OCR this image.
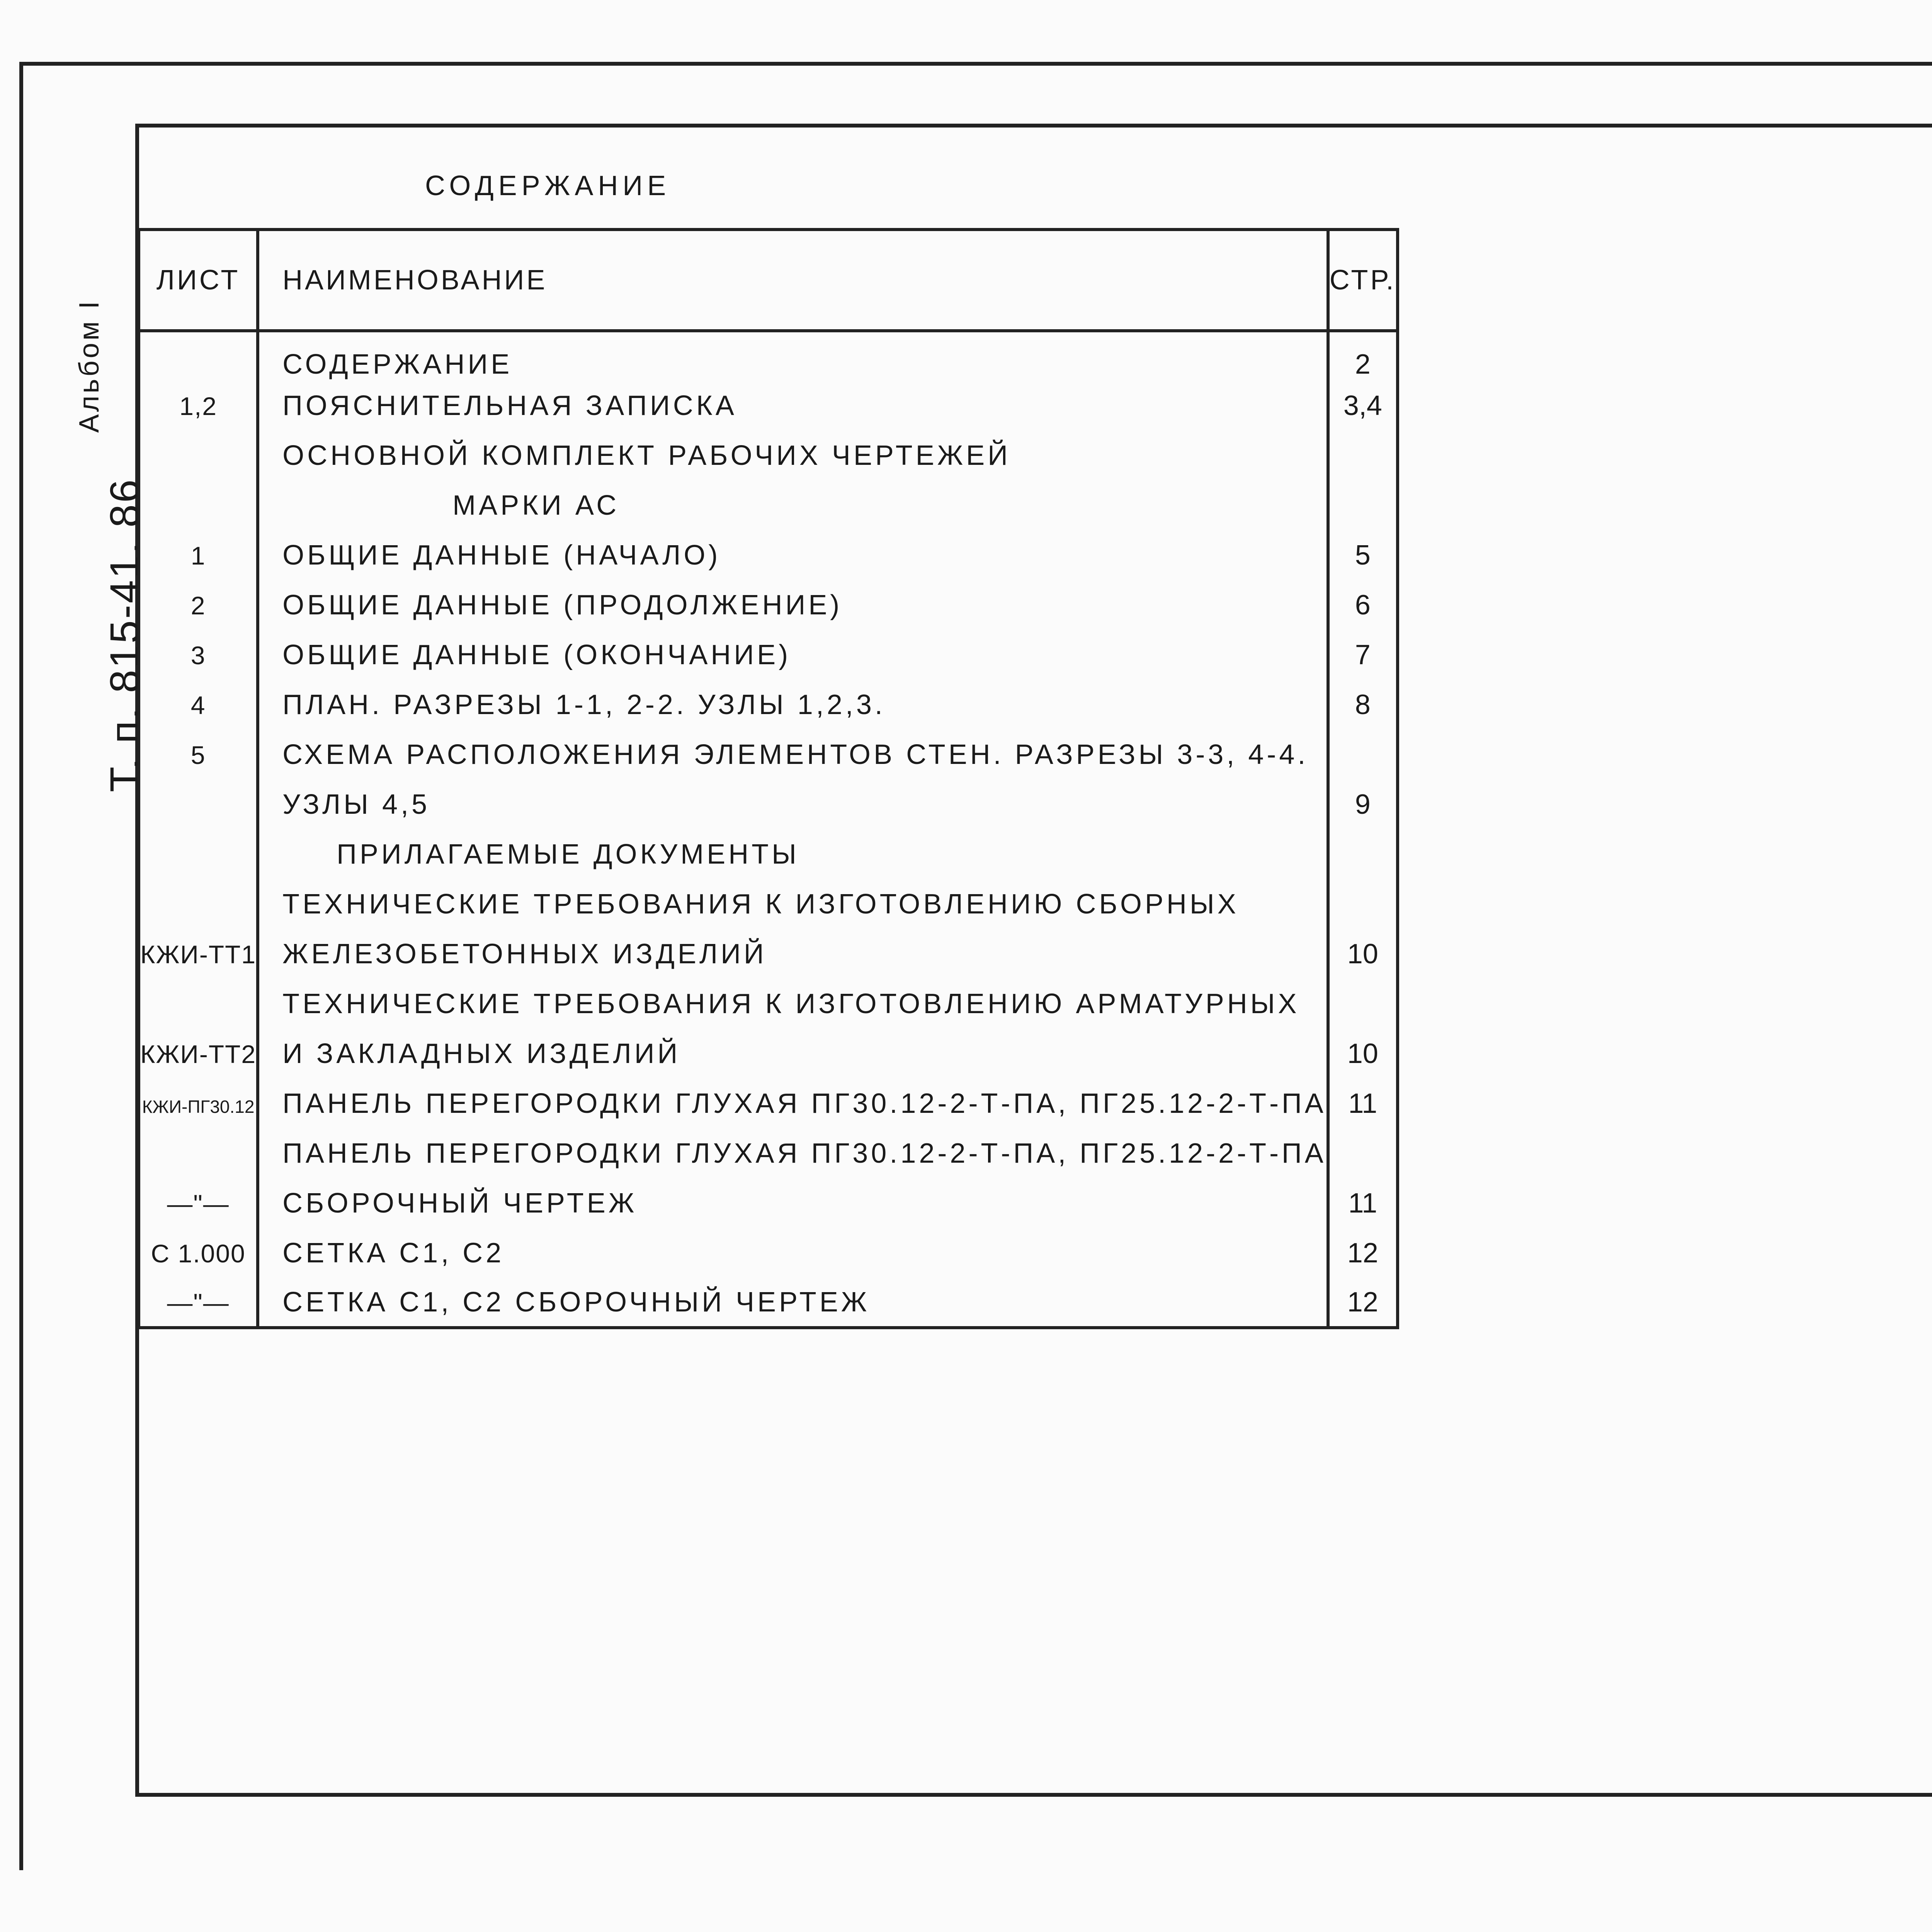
Альбом I
Т. п. 815-41. 86
СОДЕРЖАНИЕ
ЛИСТ	НАИМЕНОВАНИЕ	СТР.
	СОДЕРЖАНИЕ	2
1,2	ПОЯСНИТЕЛЬНАЯ ЗАПИСКА	3,4
	ОСНОВНОЙ КОМПЛЕКТ РАБОЧИХ ЧЕРТЕЖЕЙ	
	МАРКИ АС	
1	ОБЩИЕ ДАННЫЕ (НАЧАЛО)	5
2	ОБЩИЕ ДАННЫЕ (ПРОДОЛЖЕНИЕ)	6
3	ОБЩИЕ ДАННЫЕ (ОКОНЧАНИЕ)	7
4	ПЛАН. РАЗРЕЗЫ 1-1, 2-2. УЗЛЫ 1,2,3.	8
5	СХЕМА РАСПОЛОЖЕНИЯ ЭЛЕМЕНТОВ СТЕН. РАЗРЕЗЫ 3-3, 4-4.	
	УЗЛЫ 4,5	9
	ПРИЛАГАЕМЫЕ ДОКУМЕНТЫ	
	ТЕХНИЧЕСКИЕ ТРЕБОВАНИЯ К ИЗГОТОВЛЕНИЮ СБОРНЫХ	
КЖИ-ТТ1	ЖЕЛЕЗОБЕТОННЫХ ИЗДЕЛИЙ	10
	ТЕХНИЧЕСКИЕ ТРЕБОВАНИЯ К ИЗГОТОВЛЕНИЮ АРМАТУРНЫХ	
КЖИ-ТТ2	И ЗАКЛАДНЫХ ИЗДЕЛИЙ	10
КЖИ-ПГ30.12	ПАНЕЛЬ ПЕРЕГОРОДКИ ГЛУХАЯ ПГ30.12-2-Т-ПА, ПГ25.12-2-Т-ПА	11
	ПАНЕЛЬ ПЕРЕГОРОДКИ ГЛУХАЯ ПГ30.12-2-Т-ПА, ПГ25.12-2-Т-ПА	
—"—	СБОРОЧНЫЙ ЧЕРТЕЖ	11
С 1.000	СЕТКА С1, С2	12
—"—	СЕТКА С1, С2 СБОРОЧНЫЙ ЧЕРТЕЖ	12
